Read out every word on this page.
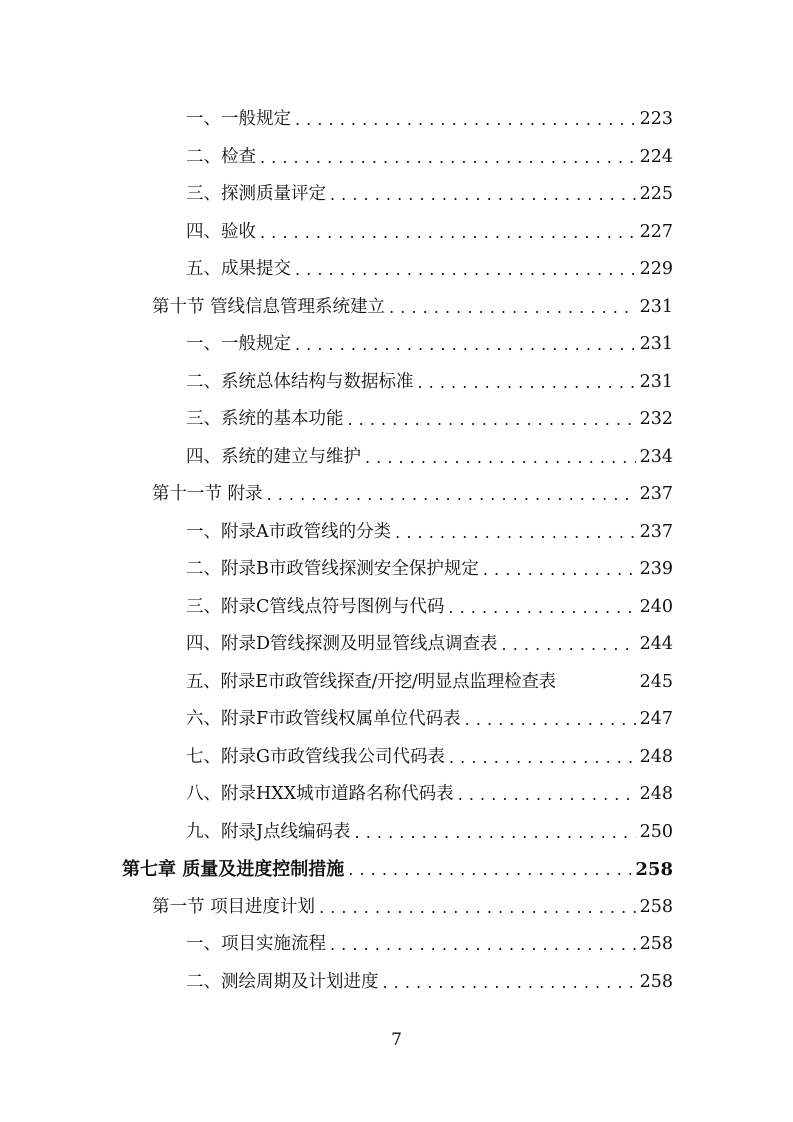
一、一般规定 .....	223
二、检查 .....	224
三、探测质量评定 .....	225
四、验收 .....	227
五、成果提交 .....	229
第十节 管线信息管理系统建立 .....	231
一、一般规定 .....	231
二、系统总体结构与数据标准 .....	231
三、系统的基本功能 .....	232
四、系统的建立与维护 .....	234
第十一节 附录 .....	237
一、附录A市政管线的分类 .....	237
二、附录B市政管线探测安全保护规定 .....	239
三、附录C管线点符号图例与代码 .....	240
四、附录D管线探测及明显管线点调查表 .....	244
五、附录E市政管线探查/开挖/明显点监理检查表	245
六、附录F市政管线权属单位代码表 .....	247
七、附录G市政管线我公司代码表 .....	248
八、附录HXX城市道路名称代码表 .....	248
九、附录J点线编码表 .....	250
第七章 质量及进度控制措施 .....	258
第一节 项目进度计划 .....	258
一、项目实施流程 .....	258
二、测绘周期及计划进度 .....	258
7
